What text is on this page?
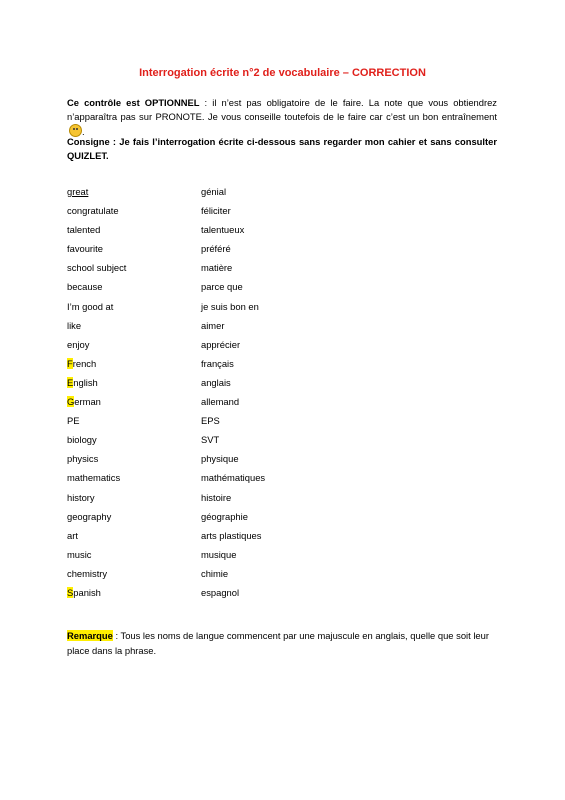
Interrogation écrite n°2 de vocabulaire – CORRECTION
Ce contrôle est OPTIONNEL : il n’est pas obligatoire de le faire. La note que vous obtiendrez n’apparaîtra pas sur PRONOTE. Je vous conseille toutefois de le faire car c’est un bon entraînement .
Consigne : Je fais l’interrogation écrite ci-dessous sans regarder mon cahier et sans consulter QUIZLET.
great	génial
congratulate	féliciter
talented	talentueux
favourite	préféré
school subject	matière
because	parce que
I’m good at	je suis bon en
like	aimer
enjoy	apprécier
French	français
English	anglais
German	allemand
PE	EPS
biology	SVT
physics	physique
mathematics	mathématiques
history	histoire
geography	géographie
art	arts plastiques
music	musique
chemistry	chimie
Spanish	espagnol
Remarque : Tous les noms de langue commencent par une majuscule en anglais, quelle que soit leur place dans la phrase.
